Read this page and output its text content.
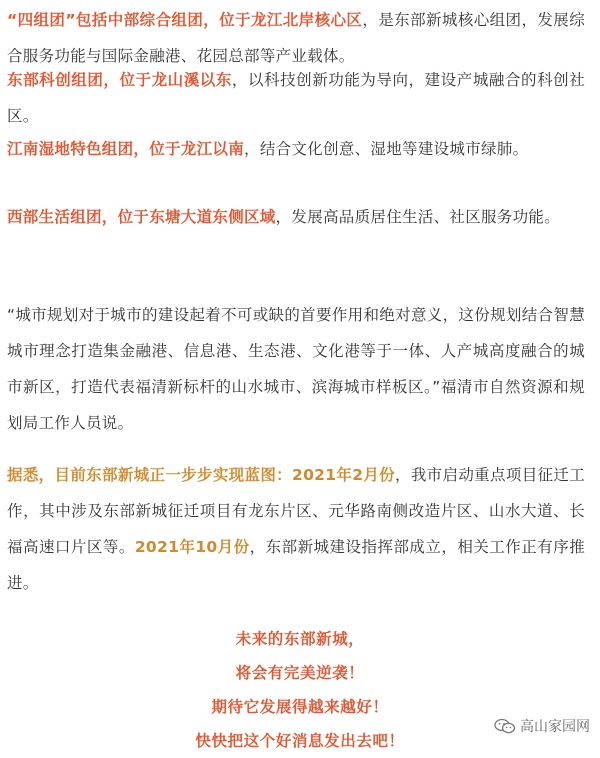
“四组团”包括中部综合组团，位于龙江北岸核心区，是东部新城核心组团，发展综合服务功能与国际金融港、花园总部等产业载体。

东部科创组团，位于龙山溪以东，以科技创新功能为导向，建设产城融合的科创社区。

江南湿地特色组团，位于龙江以南，结合文化创意、湿地等建设城市绿肺。

西部生活组团，位于东塘大道东侧区域，发展高品质居住生活、社区服务功能。

“城市规划对于城市的建设起着不可或缺的首要作用和绝对意义，这份规划结合智慧城市理念打造集金融港、信息港、生态港、文化港等于一体、人产城高度融合的城市新区，打造代表福清新标杆的山水城市、滨海城市样板区。”福清市自然资源和规划局工作人员说。

据悉，目前东部新城正一步步实现蓝图：2021年2月份，我市启动重点项目征迁工作，其中涉及东部新城征迁项目有龙东片区、元华路南侧改造片区、山水大道、长福高速口片区等。2021年10月份，东部新城建设指挥部成立，相关工作正有序推进。

未来的东部新城，
将会有完美逆袭！
期待它发展得越来越好！
快快把这个好消息发出去吧！
高山家园网
